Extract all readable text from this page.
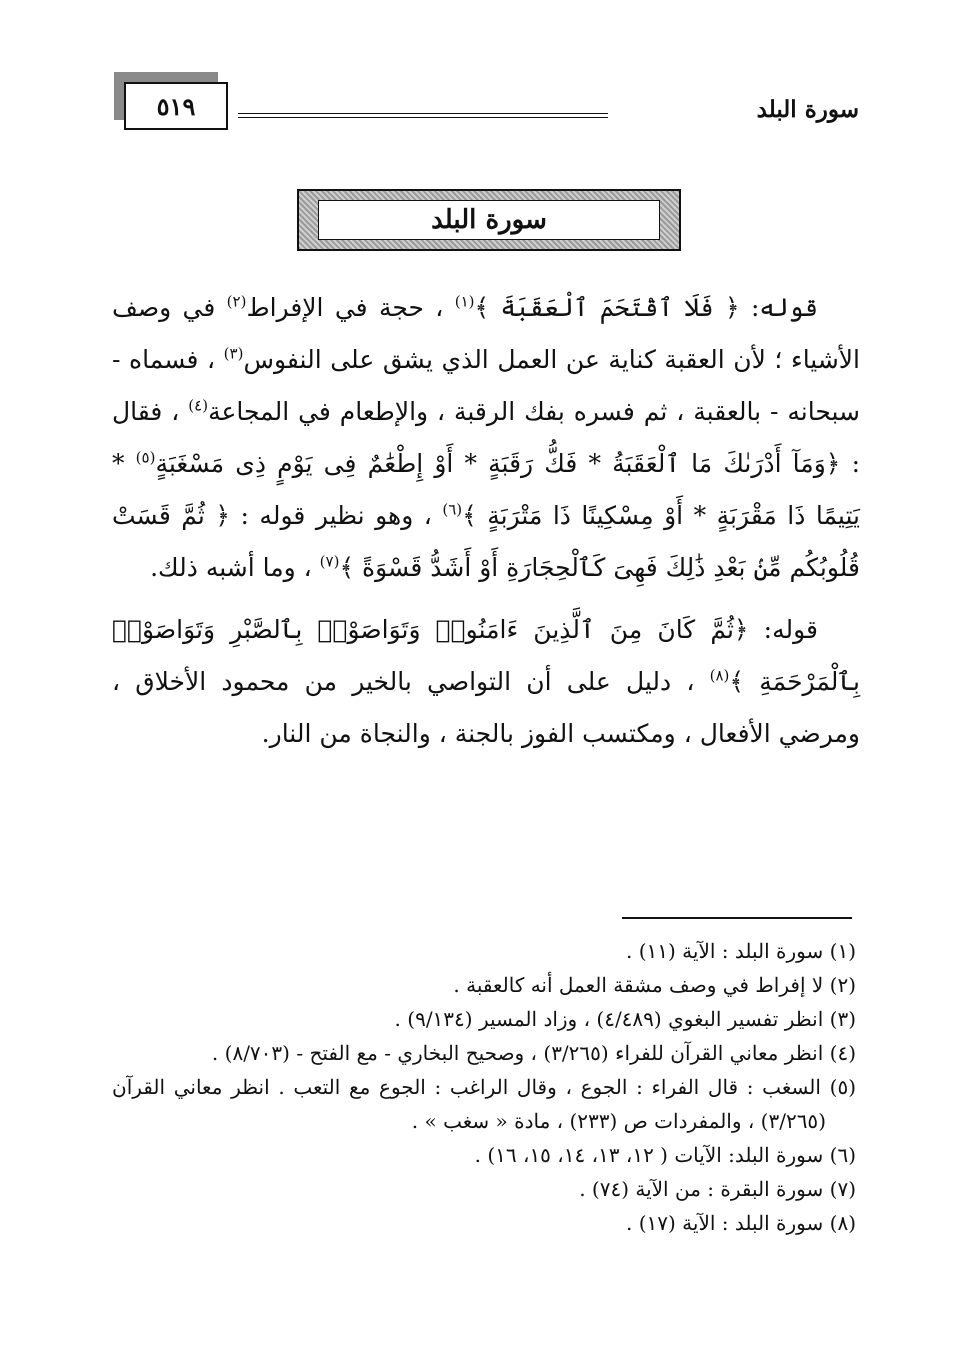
سورة البلد
٥١٩
سورة البلد

قوله: ﴿ فَلَا ٱقْتَحَمَ ٱلْعَقَبَةَ ﴾$^{(١)}$ ، حجة في الإفراط$^{(٢)}$ في وصف الأشياء ؛ لأن العقبة كناية عن العمل الذي يشق على النفوس$^{(٣)}$ ، فسماه - سبحانه - بالعقبة ، ثم فسره بفك الرقبة ، والإطعام في المجاعة$^{(٤)}$ ، فقال : ﴿وَمَآ أَدْرَىٰكَ مَا ٱلْعَقَبَةُ * فَكُّ رَقَبَةٍ * أَوْ إِطْعَٰمٌ فِى يَوْمٍ ذِى مَسْغَبَةٍ$^{(٥)}$ * يَتِيمًا ذَا مَقْرَبَةٍ * أَوْ مِسْكِينًا ذَا مَتْرَبَةٍ ﴾$^{(٦)}$ ، وهو نظير قوله : ﴿ ثُمَّ قَسَتْ قُلُوبُكُم مِّنۢ بَعْدِ ذَٰلِكَ فَهِىَ كَٱلْحِجَارَةِ أَوْ أَشَدُّ قَسْوَةً ﴾$^{(٧)}$ ، وما أشبه ذلك.

قوله: ﴿ثُمَّ كَانَ مِنَ ٱلَّذِينَ ءَامَنُوا۟ وَتَوَاصَوْا۟ بِٱلصَّبْرِ وَتَوَاصَوْا۟ بِٱلْمَرْحَمَةِ ﴾$^{(٨)}$ ، دليل على أن التواصي بالخير من محمود الأخلاق ، ومرضي الأفعال ، ومكتسب الفوز بالجنة ، والنجاة من النار.

(١) سورة البلد : الآية (١١) .
(٢) لا إفراط في وصف مشقة العمل أنه كالعقبة .
(٣) انظر تفسير البغوي (٤/٤٨٩) ، وزاد المسير (٩/١٣٤) .
(٤) انظر معاني القرآن للفراء (٣/٢٦٥) ، وصحيح البخاري - مع الفتح - (٨/٧٠٣) .
(٥) السغب : قال الفراء : الجوع ، وقال الراغب : الجوع مع التعب . انظر معاني القرآن (٣/٢٦٥) ، والمفردات ص (٢٣٣) ، مادة « سغب » .
(٦) سورة البلد: الآيات ( ١٢، ١٣، ١٤، ١٥، ١٦) .
(٧) سورة البقرة : من الآية (٧٤) .
(٨) سورة البلد : الآية (١٧) .
